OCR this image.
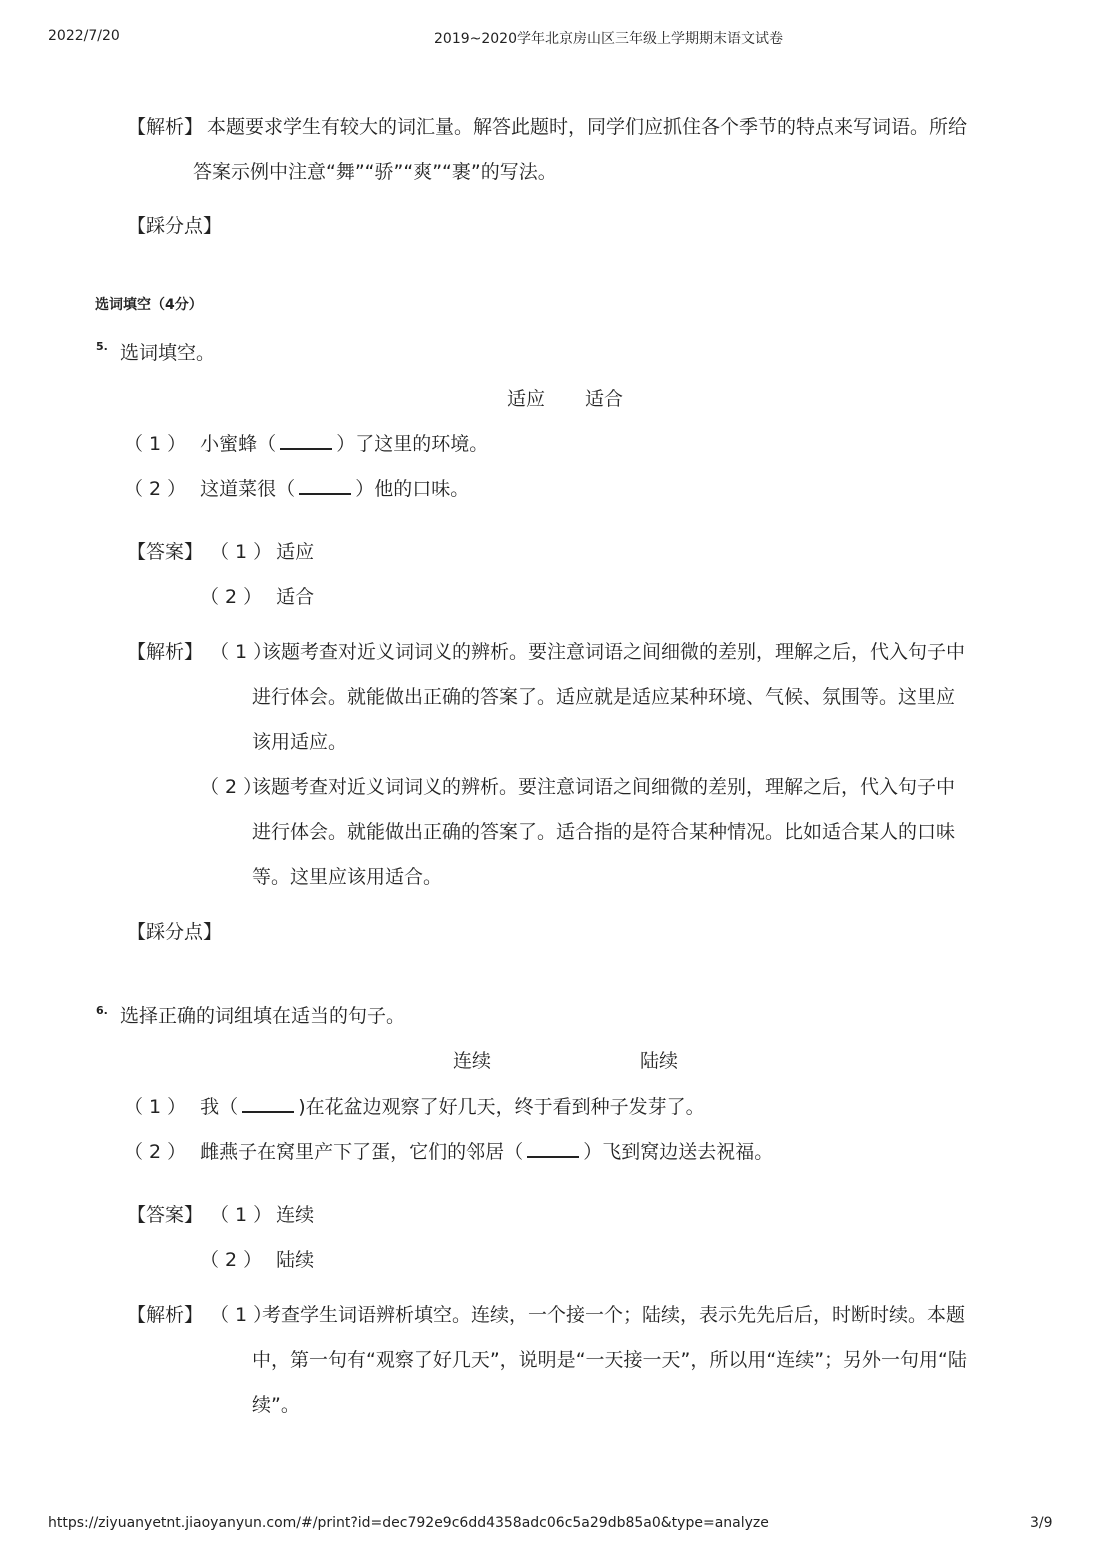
2022/7/20	2019~2020学年北京房山区三年级上学期期末语文试卷
【解析】 本题要求学生有较大的词汇量。解答此题时，同学们应抓住各个季节的特点来写词语。所给
答案示例中注意“舞”“骄”“爽”“裹”的写法。
【踩分点】
选词填空（4分）
5. 选词填空。
适应 适合
（ 1 ） 小蜜蜂（	）了这里的环境。
（ 2 ） 这道菜很（	）他的口味。
【答案】 （ 1 ） 适应
（ 2 ） 适合
【解析】 （ 1 ）
该题考查对近义词词义的辨析。要注意词语之间细微的差别，理解之后，代入句子中
进行体会。就能做出正确的答案了。适应就是适应某种环境、气候、氛围等。这里应
该用适应。
（ 2 ）
该题考查对近义词词义的辨析。要注意词语之间细微的差别，理解之后，代入句子中
进行体会。就能做出正确的答案了。适合指的是符合某种情况。比如适合某人的口味
等。这里应该用适合。
【踩分点】
6. 选择正确的词组填在适当的句子。
连续	陆续
（ 1 ） 我（	)在花盆边观察了好几天，终于看到种子发芽了。
（ 2 ） 雌燕子在窝里产下了蛋，它们的邻居（	）飞到窝边送去祝福。
【答案】 （ 1 ） 连续
（ 2 ） 陆续
【解析】 （ 1 ）
考查学生词语辨析填空。连续，一个接一个；陆续，表示先先后后，时断时续。本题
中，第一句有“观察了好几天”，说明是“一天接一天”，所以用“连续”；另外一句用“陆
续”。
https://ziyuanyetnt.jiaoyanyun.com/#/print?id=dec792e9c6dd4358adc06c5a29db85a0&type=analyze	3/9
